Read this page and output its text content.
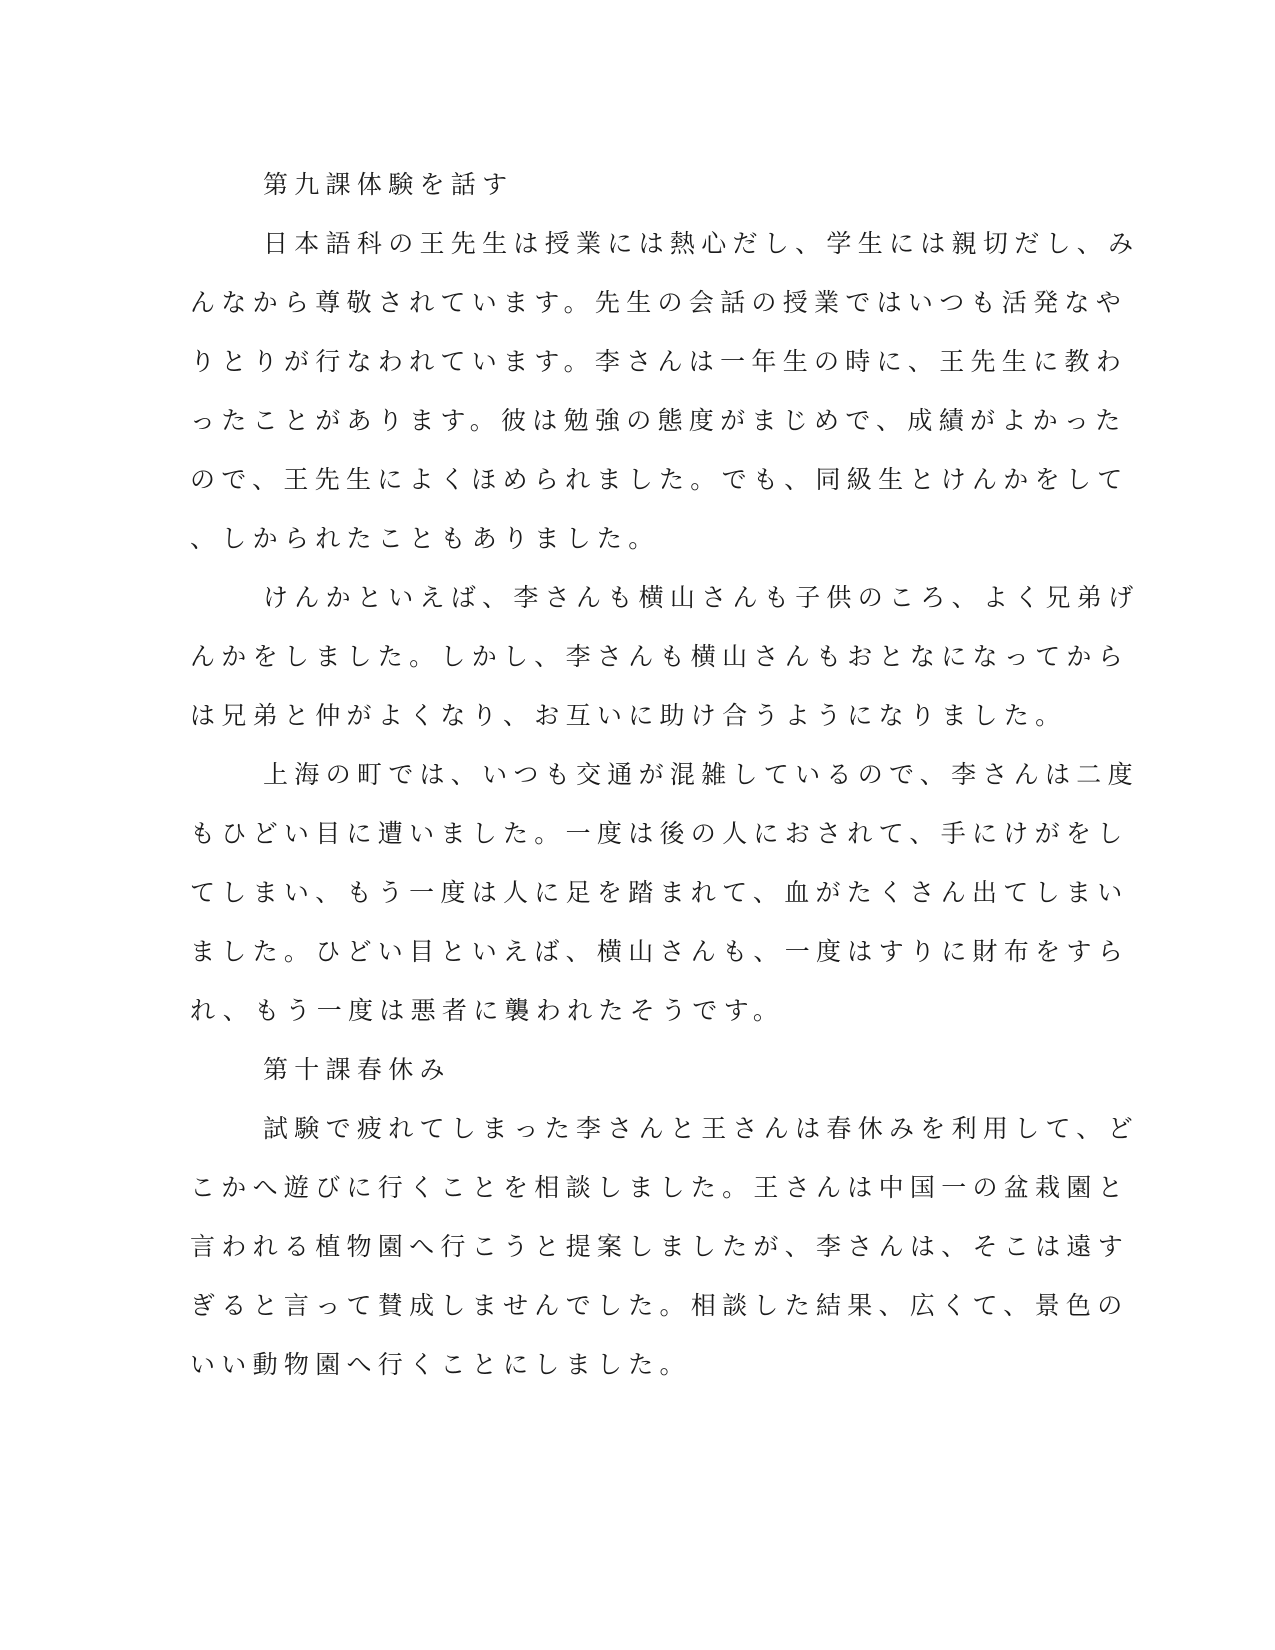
第九課体験を話す
日本語科の王先生は授業には熱心だし、学生には親切だし、み
んなから尊敬されています。先生の会話の授業ではいつも活発なや
りとりが行なわれています。李さんは一年生の時に、王先生に教わ
ったことがあります。彼は勉強の態度がまじめで、成績がよかった
ので、王先生によくほめられました。でも、同級生とけんかをして
、しかられたこともありました。
けんかといえば、李さんも横山さんも子供のころ、よく兄弟げ
んかをしました。しかし、李さんも横山さんもおとなになってから
は兄弟と仲がよくなり、お互いに助け合うようになりました。
上海の町では、いつも交通が混雑しているので、李さんは二度
もひどい目に遭いました。一度は後の人におされて、手にけがをし
てしまい、もう一度は人に足を踏まれて、血がたくさん出てしまい
ました。ひどい目といえば、横山さんも、一度はすりに財布をすら
れ、もう一度は悪者に襲われたそうです。
第十課春休み
試験で疲れてしまった李さんと王さんは春休みを利用して、ど
こかへ遊びに行くことを相談しました。王さんは中国一の盆栽園と
言われる植物園へ行こうと提案しましたが、李さんは、そこは遠す
ぎると言って賛成しませんでした。相談した結果、広くて、景色の
いい動物園へ行くことにしました。
